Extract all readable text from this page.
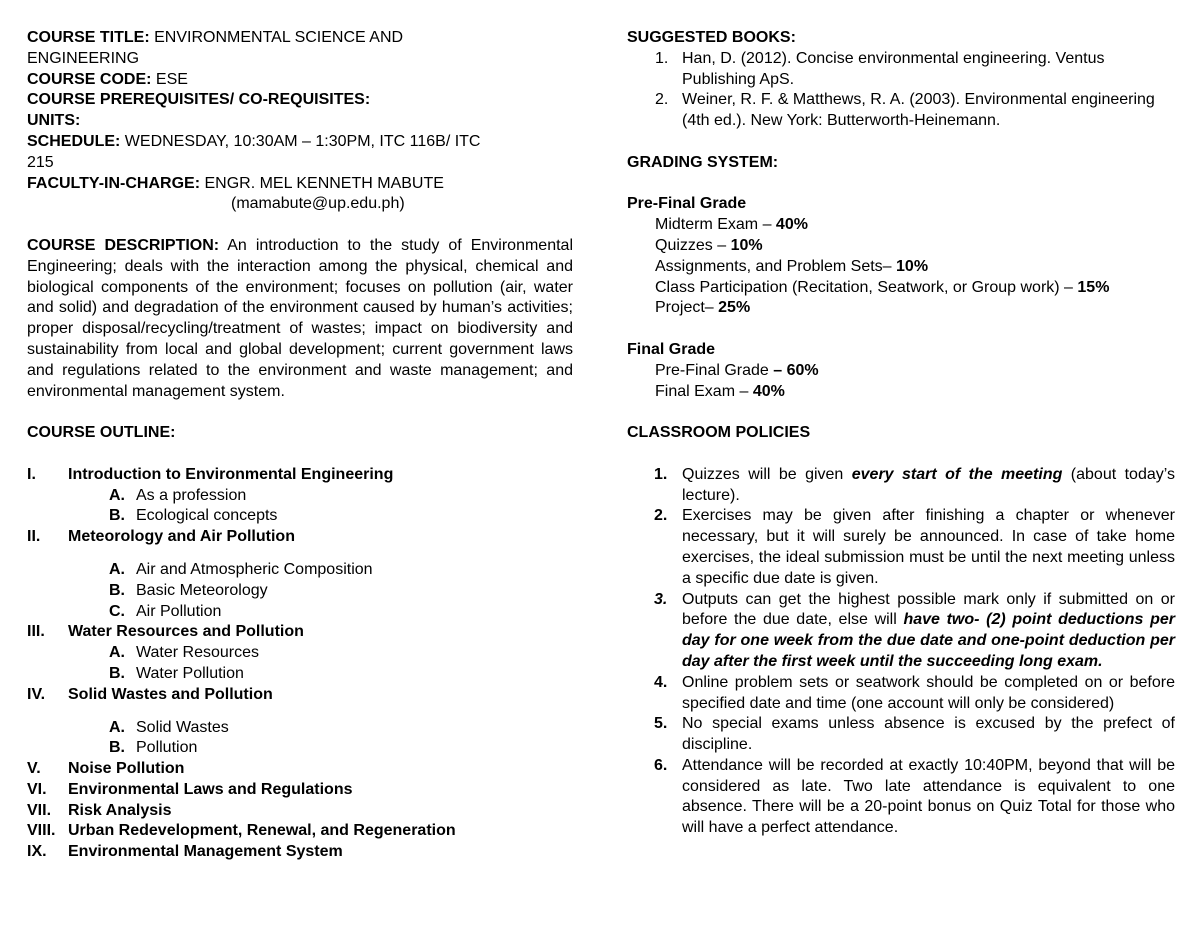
COURSE TITLE: ENVIRONMENTAL SCIENCE AND
ENGINEERING
COURSE CODE: ESE
COURSE PREREQUISITES/ CO-REQUISITES:
UNITS:
SCHEDULE: WEDNESDAY, 10:30AM – 1:30PM, ITC 116B/ ITC
215
FACULTY-IN-CHARGE: ENGR. MEL KENNETH MABUTE
(mamabute@up.edu.ph)
COURSE DESCRIPTION: An introduction to the study of Environmental Engineering; deals with the interaction among the physical, chemical and biological components of the environment; focuses on pollution (air, water and solid) and degradation of the environment caused by human’s activities; proper disposal/recycling/treatment of wastes; impact on biodiversity and sustainability from local and global development; current government laws and regulations related to the environment and waste management; and environmental management system.
COURSE OUTLINE:
I. Introduction to Environmental Engineering
A. As a profession
B. Ecological concepts
II. Meteorology and Air Pollution
A. Air and Atmospheric Composition
B. Basic Meteorology
C. Air Pollution
III. Water Resources and Pollution
A. Water Resources
B. Water Pollution
IV. Solid Wastes and Pollution
A. Solid Wastes
B. Pollution
V. Noise Pollution
VI. Environmental Laws and Regulations
VII. Risk Analysis
VIII. Urban Redevelopment, Renewal, and Regeneration
IX. Environmental Management System
SUGGESTED BOOKS:
1. Han, D. (2012). Concise environmental engineering. Ventus Publishing ApS.
2. Weiner, R. F. & Matthews, R. A. (2003). Environmental engineering (4th ed.). New York: Butterworth-Heinemann.
GRADING SYSTEM:
Pre-Final Grade
Midterm Exam – 40%
Quizzes – 10%
Assignments, and Problem Sets– 10%
Class Participation (Recitation, Seatwork, or Group work) – 15%
Project– 25%
Final Grade
Pre-Final Grade – 60%
Final Exam – 40%
CLASSROOM POLICIES
1. Quizzes will be given every start of the meeting (about today’s lecture).
2. Exercises may be given after finishing a chapter or whenever necessary, but it will surely be announced. In case of take home exercises, the ideal submission must be until the next meeting unless a specific due date is given.
3. Outputs can get the highest possible mark only if submitted on or before the due date, else will have two- (2) point deductions per day for one week from the due date and one-point deduction per day after the first week until the succeeding long exam.
4. Online problem sets or seatwork should be completed on or before specified date and time (one account will only be considered)
5. No special exams unless absence is excused by the prefect of discipline.
6. Attendance will be recorded at exactly 10:40PM, beyond that will be considered as late. Two late attendance is equivalent to one absence. There will be a 20-point bonus on Quiz Total for those who will have a perfect attendance.
